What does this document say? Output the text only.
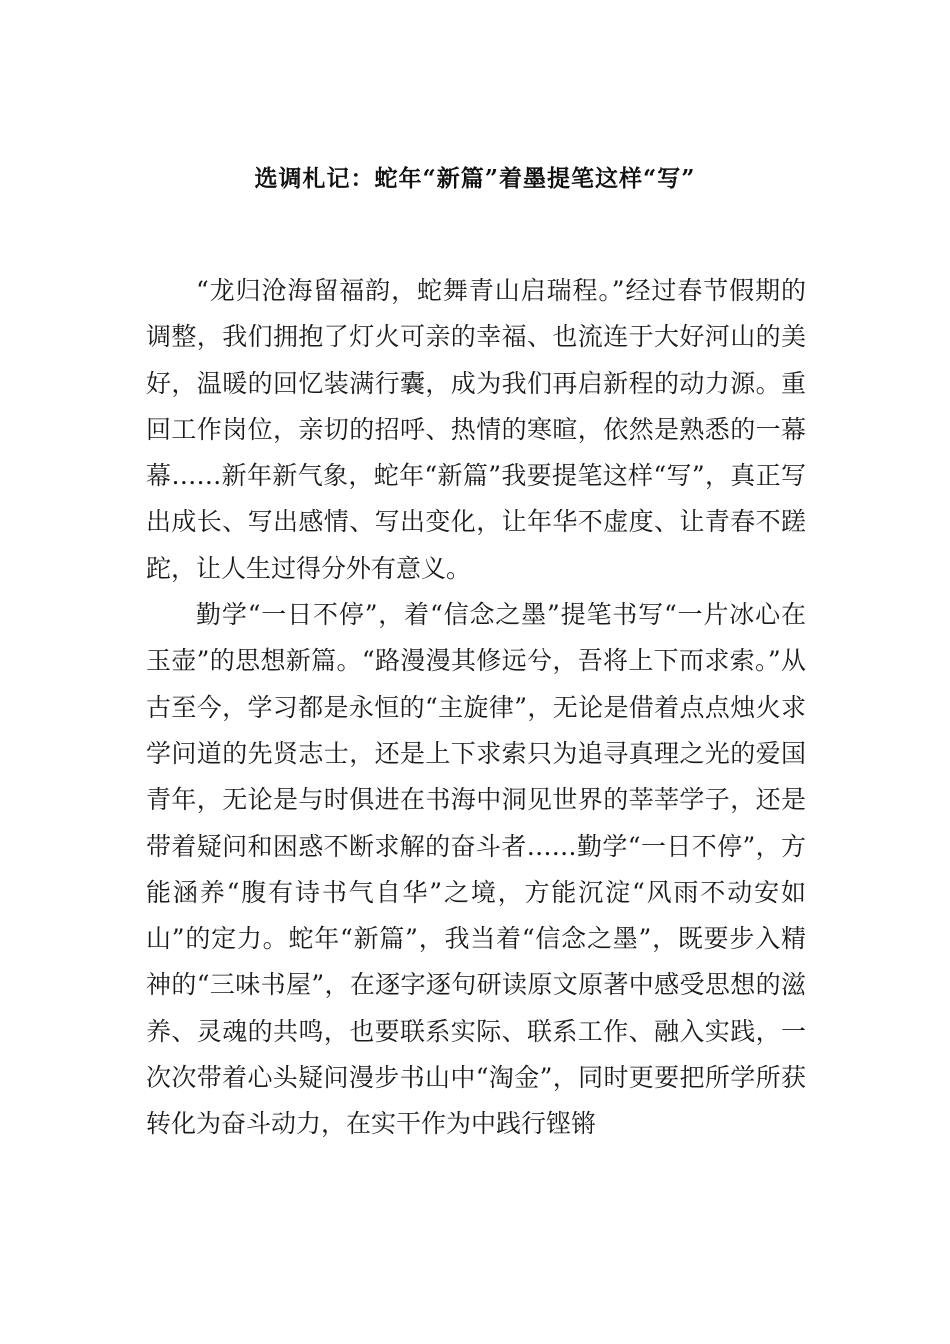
选调札记：蛇年“新篇”着墨提笔这样“写”

“龙归沧海留福韵，蛇舞青山启瑞程。”经过春节假期的调整，我们拥抱了灯火可亲的幸福、也流连于大好河山的美好，温暖的回忆装满行囊，成为我们再启新程的动力源。重回工作岗位，亲切的招呼、热情的寒暄，依然是熟悉的一幕幕……新年新气象，蛇年“新篇”我要提笔这样“写”，真正写出成长、写出感情、写出变化，让年华不虚度、让青春不蹉跎，让人生过得分外有意义。

勤学“一日不停”，着“信念之墨”提笔书写“一片冰心在玉壶”的思想新篇。“路漫漫其修远兮，吾将上下而求索。”从古至今，学习都是永恒的“主旋律”，无论是借着点点烛火求学问道的先贤志士，还是上下求索只为追寻真理之光的爱国青年，无论是与时俱进在书海中洞见世界的莘莘学子，还是带着疑问和困惑不断求解的奋斗者……勤学“一日不停”，方能涵养“腹有诗书气自华”之境，方能沉淀“风雨不动安如山”的定力。蛇年“新篇”，我当着“信念之墨”，既要步入精神的“三味书屋”，在逐字逐句研读原文原著中感受思想的滋养、灵魂的共鸣，也要联系实际、联系工作、融入实践，一次次带着心头疑问漫步书山中“淘金”，同时更要把所学所获转化为奋斗动力，在实干作为中践行铿锵
